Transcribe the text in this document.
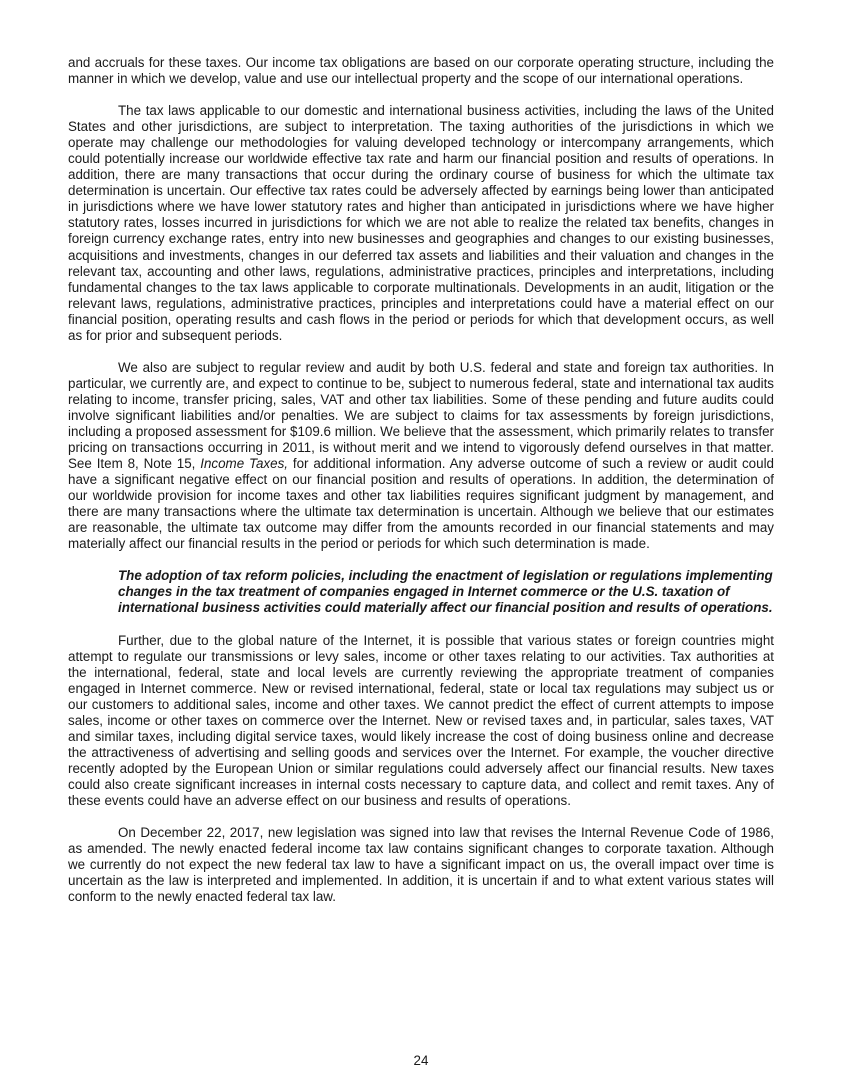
and accruals for these taxes. Our income tax obligations are based on our corporate operating structure, including the manner in which we develop, value and use our intellectual property and the scope of our international operations.

The tax laws applicable to our domestic and international business activities, including the laws of the United States and other jurisdictions, are subject to interpretation. The taxing authorities of the jurisdictions in which we operate may challenge our methodologies for valuing developed technology or intercompany arrangements, which could potentially increase our worldwide effective tax rate and harm our financial position and results of operations. In addition, there are many transactions that occur during the ordinary course of business for which the ultimate tax determination is uncertain. Our effective tax rates could be adversely affected by earnings being lower than anticipated in jurisdictions where we have lower statutory rates and higher than anticipated in jurisdictions where we have higher statutory rates, losses incurred in jurisdictions for which we are not able to realize the related tax benefits, changes in foreign currency exchange rates, entry into new businesses and geographies and changes to our existing businesses, acquisitions and investments, changes in our deferred tax assets and liabilities and their valuation and changes in the relevant tax, accounting and other laws, regulations, administrative practices, principles and interpretations, including fundamental changes to the tax laws applicable to corporate multinationals. Developments in an audit, litigation or the relevant laws, regulations, administrative practices, principles and interpretations could have a material effect on our financial position, operating results and cash flows in the period or periods for which that development occurs, as well as for prior and subsequent periods.

We also are subject to regular review and audit by both U.S. federal and state and foreign tax authorities. In particular, we currently are, and expect to continue to be, subject to numerous federal, state and international tax audits relating to income, transfer pricing, sales, VAT and other tax liabilities. Some of these pending and future audits could involve significant liabilities and/or penalties. We are subject to claims for tax assessments by foreign jurisdictions, including a proposed assessment for $109.6 million. We believe that the assessment, which primarily relates to transfer pricing on transactions occurring in 2011, is without merit and we intend to vigorously defend ourselves in that matter. See Item 8, Note 15, Income Taxes, for additional information. Any adverse outcome of such a review or audit could have a significant negative effect on our financial position and results of operations. In addition, the determination of our worldwide provision for income taxes and other tax liabilities requires significant judgment by management, and there are many transactions where the ultimate tax determination is uncertain. Although we believe that our estimates are reasonable, the ultimate tax outcome may differ from the amounts recorded in our financial statements and may materially affect our financial results in the period or periods for which such determination is made.

The adoption of tax reform policies, including the enactment of legislation or regulations implementing changes in the tax treatment of companies engaged in Internet commerce or the U.S. taxation of international business activities could materially affect our financial position and results of operations.

Further, due to the global nature of the Internet, it is possible that various states or foreign countries might attempt to regulate our transmissions or levy sales, income or other taxes relating to our activities. Tax authorities at the international, federal, state and local levels are currently reviewing the appropriate treatment of companies engaged in Internet commerce. New or revised international, federal, state or local tax regulations may subject us or our customers to additional sales, income and other taxes. We cannot predict the effect of current attempts to impose sales, income or other taxes on commerce over the Internet. New or revised taxes and, in particular, sales taxes, VAT and similar taxes, including digital service taxes, would likely increase the cost of doing business online and decrease the attractiveness of advertising and selling goods and services over the Internet. For example, the voucher directive recently adopted by the European Union or similar regulations could adversely affect our financial results. New taxes could also create significant increases in internal costs necessary to capture data, and collect and remit taxes. Any of these events could have an adverse effect on our business and results of operations.

On December 22, 2017, new legislation was signed into law that revises the Internal Revenue Code of 1986, as amended. The newly enacted federal income tax law contains significant changes to corporate taxation. Although we currently do not expect the new federal tax law to have a significant impact on us, the overall impact over time is uncertain as the law is interpreted and implemented. In addition, it is uncertain if and to what extent various states will conform to the newly enacted federal tax law.

24
